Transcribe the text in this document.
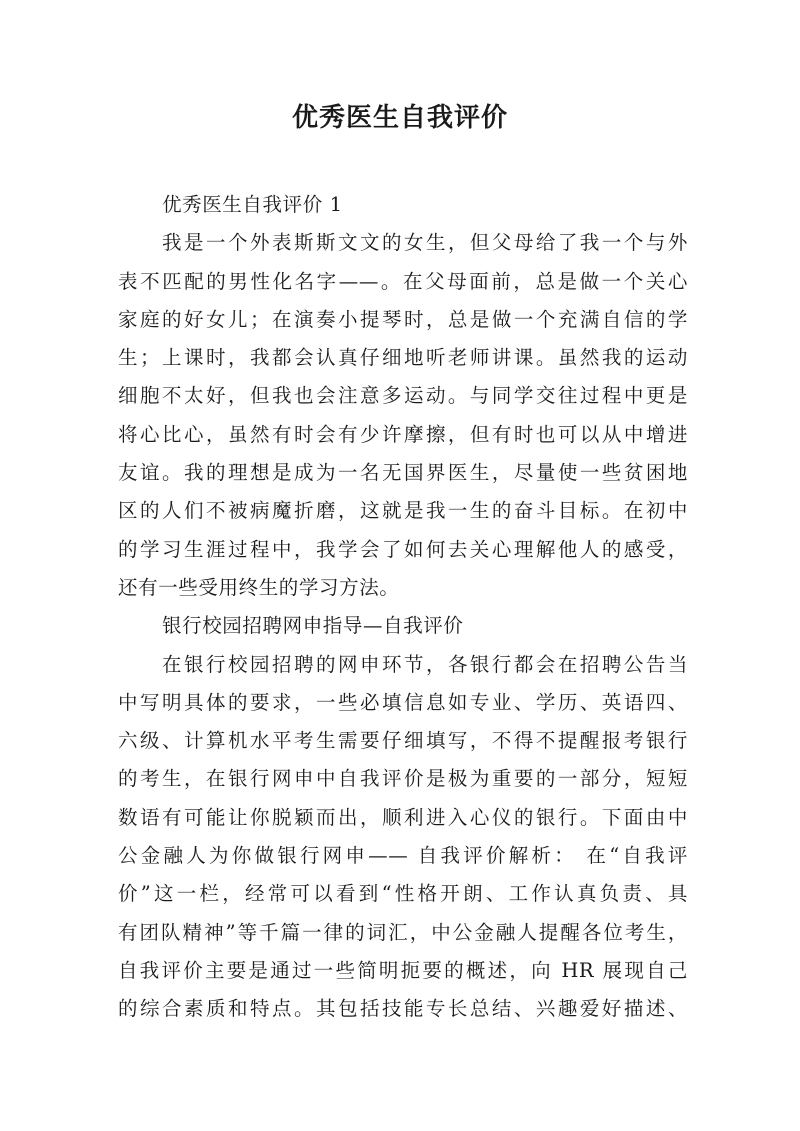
优秀医生自我评价
优秀医生自我评价 1
我是一个外表斯斯文文的女生，但父母给了我一个与外
表不匹配的男性化名字——。在父母面前，总是做一个关心
家庭的好女儿；在演奏小提琴时，总是做一个充满自信的学
生；上课时，我都会认真仔细地听老师讲课。虽然我的运动
细胞不太好，但我也会注意多运动。与同学交往过程中更是
将心比心，虽然有时会有少许摩擦，但有时也可以从中增进
友谊。我的理想是成为一名无国界医生，尽量使一些贫困地
区的人们不被病魔折磨，这就是我一生的奋斗目标。在初中
的学习生涯过程中，我学会了如何去关心理解他人的感受，
还有一些受用终生的学习方法。
银行校园招聘网申指导—自我评价
在银行校园招聘的网申环节，各银行都会在招聘公告当
中写明具体的要求，一些必填信息如专业、学历、英语四、
六级、计算机水平考生需要仔细填写，不得不提醒报考银行
的考生，在银行网申中自我评价是极为重要的一部分，短短
数语有可能让你脱颖而出，顺利进入心仪的银行。下面由中
公金融人为你做银行网申—— 自我评价解析： 在“自我评
价”这一栏，经常可以看到“性格开朗、工作认真负责、具
有团队精神”等千篇一律的词汇，中公金融人提醒各位考生，
自我评价主要是通过一些简明扼要的概述，向 HR 展现自己
的综合素质和特点。其包括技能专长总结、兴趣爱好描述、
